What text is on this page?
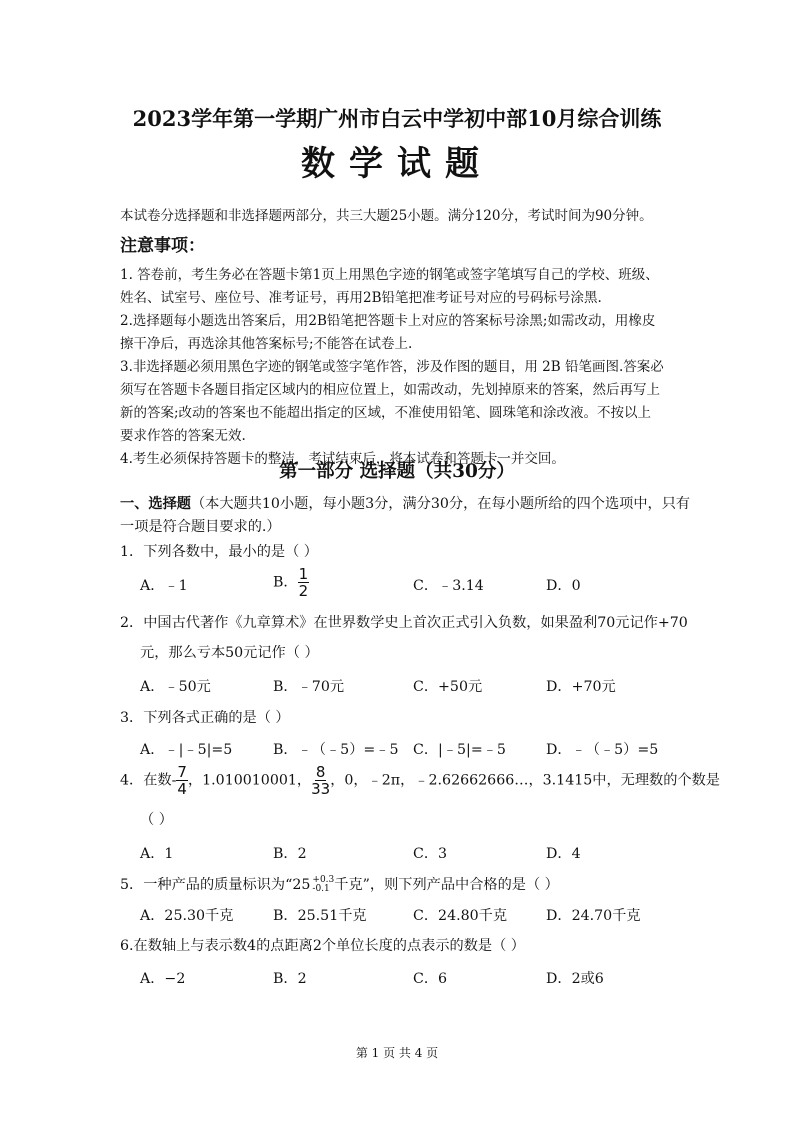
2023学年第一学期广州市白云中学初中部10月综合训练
数学试题
本试卷分选择题和非选择题两部分，共三大题25小题。满分120分，考试时间为90分钟。
注意事项：
1. 答卷前，考生务必在答题卡第1页上用黑色字迹的钢笔或签字笔填写自己的学校、班级、
姓名、试室号、座位号、准考证号，再用2B铅笔把准考证号对应的号码标号涂黑.
2.选择题每小题选出答案后，用2B铅笔把答题卡上对应的答案标号涂黑;如需改动，用橡皮
擦干净后，再选涂其他答案标号;不能答在试卷上.
3.非选择题必须用黑色字迹的钢笔或签字笔作答，涉及作图的题目，用 2B 铅笔画图.答案必
须写在答题卡各题目指定区域内的相应位置上，如需改动，先划掉原来的答案，然后再写上
新的答案;改动的答案也不能超出指定的区域，不准使用铅笔、圆珠笔和涂改液。不按以上
要求作答的答案无效.
4.考生必须保持答题卡的整洁，考试结束后，将本试卷和答题卡一并交回。
第一部分 选择题（共30分）
一、选择题（本大题共10小题，每小题3分，满分30分，在每小题所给的四个选项中，只有
一项是符合题目要求的.）
1．下列各数中，最小的是（ ）
A．﹣1	B． $\frac{1}{2}$	C．﹣3.14	D．0
2．中国古代著作《九章算术》在世界数学史上首次正式引入负数，如果盈利70元记作+70
元，那么亏本50元记作（ ）
A．﹣50元	B．﹣70元	C．+50元	D．+70元
3．下列各式正确的是（ ）
A．﹣|﹣5|=5	B．﹣（﹣5）=﹣5 C．|﹣5|=﹣5	D．﹣（﹣5）=5
4．在数- $\frac{7}{4}$ ，1.010010001， $\frac{8}{33}$ ，0，﹣2π，﹣2.62662666…，3.1415中，无理数的个数是
（ ）
A．1	B．2	C．3	D．4
5．一种产品的质量标识为“25 +0.3
-0.1 千克”，则下列产品中合格的是（ ）
A．25.30千克	B．25.51千克	C．24.80千克	D．24.70千克
6.在数轴上与表示数4的点距离2个单位长度的点表示的数是（ ）
A．−2	B．2	C．6	D．2或6
第 1 页 共 4 页
